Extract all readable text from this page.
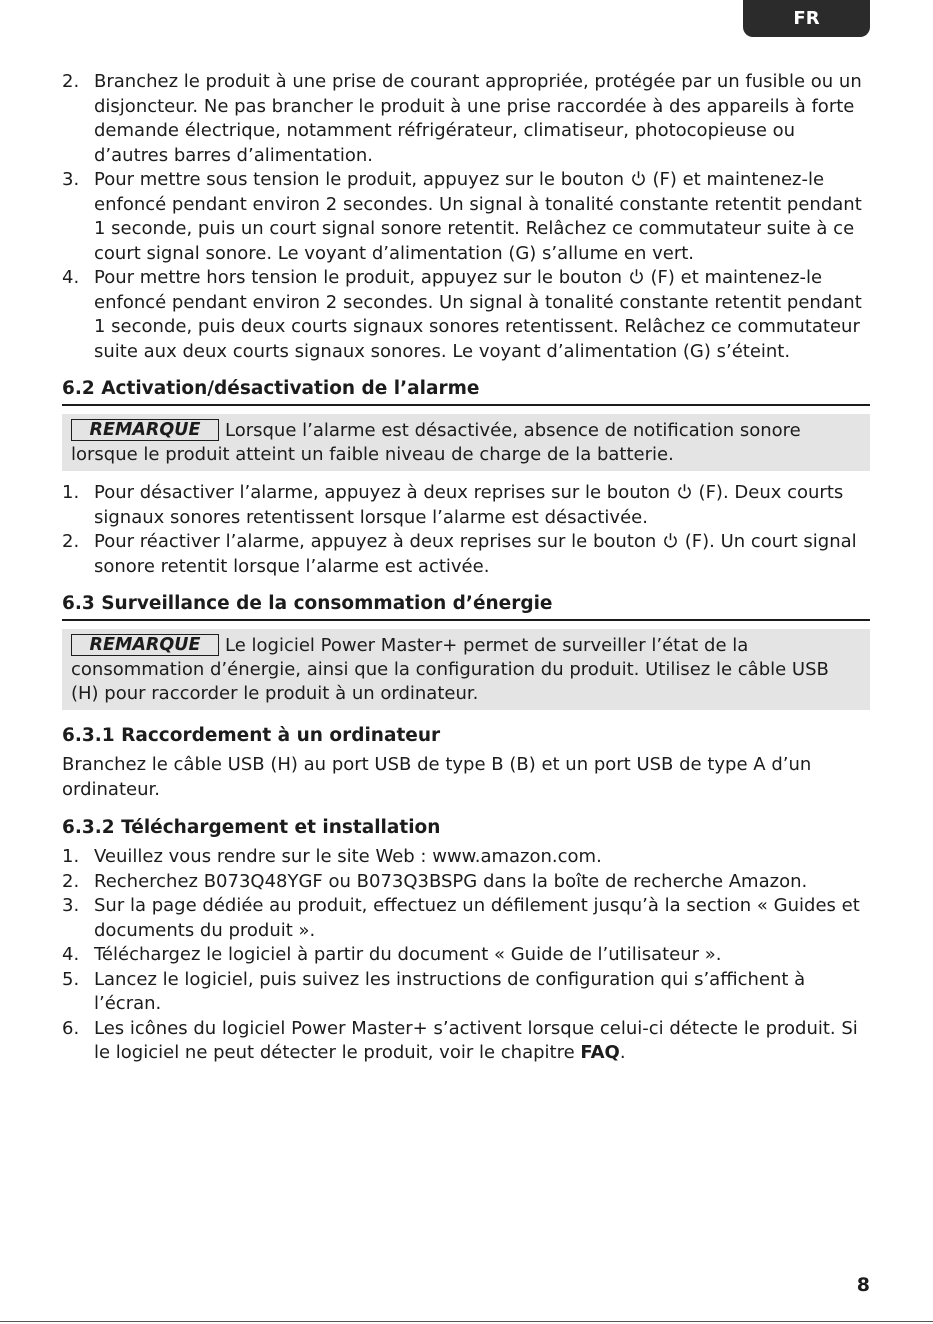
FR
2. Branchez le produit à une prise de courant appropriée, protégée par un fusible ou un disjoncteur. Ne pas brancher le produit à une prise raccordée à des appareils à forte demande électrique, notamment réfrigérateur, climatiseur, photocopieuse ou d’autres barres d’alimentation.
3. Pour mettre sous tension le produit, appuyez sur le bouton
(F) et maintenez-le enfoncé pendant environ 2 secondes. Un signal à tonalité constante retentit pendant 1 seconde, puis un court signal sonore retentit. Relâchez ce commutateur suite à ce court signal sonore. Le voyant d’alimentation (G) s’allume en vert.
4. Pour mettre hors tension le produit, appuyez sur le bouton
(F) et maintenez-le enfoncé pendant environ 2 secondes. Un signal à tonalité constante retentit pendant 1 seconde, puis deux courts signaux sonores retentissent. Relâchez ce commutateur suite aux deux courts signaux sonores. Le voyant d’alimentation (G) s’éteint.
6.2 Activation/désactivation de l’alarme
REMARQUE Lorsque l’alarme est désactivée, absence de notification sonore lorsque le produit atteint un faible niveau de charge de la batterie.
1. Pour désactiver l’alarme, appuyez à deux reprises sur le bouton
(F). Deux courts signaux sonores retentissent lorsque l’alarme est désactivée.
2. Pour réactiver l’alarme, appuyez à deux reprises sur le bouton
(F). Un court signal sonore retentit lorsque l’alarme est activée.
6.3 Surveillance de la consommation d’énergie
REMARQUE Le logiciel Power Master+ permet de surveiller l’état de la consommation d’énergie, ainsi que la configuration du produit. Utilisez le câble USB (H) pour raccorder le produit à un ordinateur.
6.3.1 Raccordement à un ordinateur

Branchez le câble USB (H) au port USB de type B (B) et un port USB de type A d’un ordinateur.

6.3.2 Téléchargement et installation
1. Veuillez vous rendre sur le site Web : www.amazon.com.
2. Recherchez B073Q48YGF ou B073Q3BSPG dans la boîte de recherche Amazon.
3. Sur la page dédiée au produit, effectuez un défilement jusqu’à la section « Guides et documents du produit ».
4. Téléchargez le logiciel à partir du document « Guide de l’utilisateur ».
5. Lancez le logiciel, puis suivez les instructions de configuration qui s’affichent à l’écran.
6. Les icônes du logiciel Power Master+ s’activent lorsque celui-ci détecte le produit. Si le logiciel ne peut détecter le produit, voir le chapitre FAQ.
8
